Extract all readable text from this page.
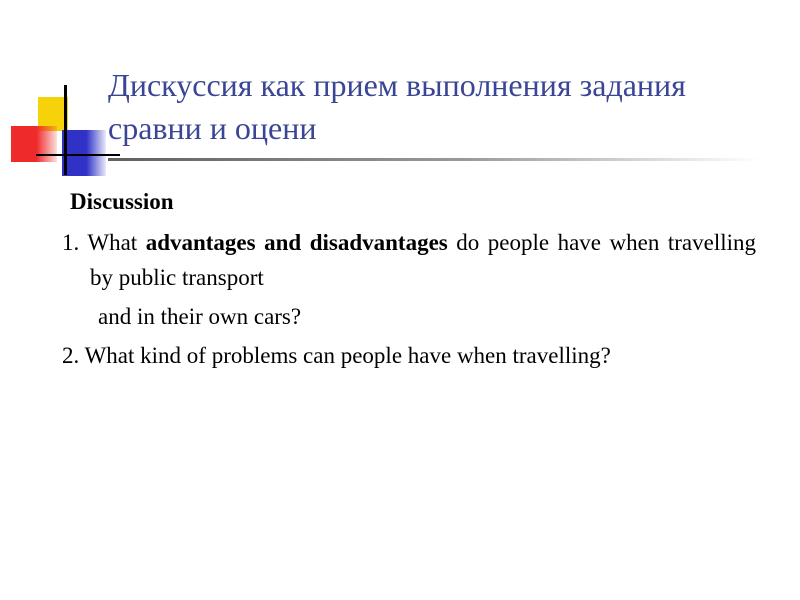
Дискуссия как прием выполнения задания
сравни и оцени
Discussion
1. What advantages and disadvantages do people have when travelling by public transport
and in their own cars?
2. What kind of problems can people have when travelling?
